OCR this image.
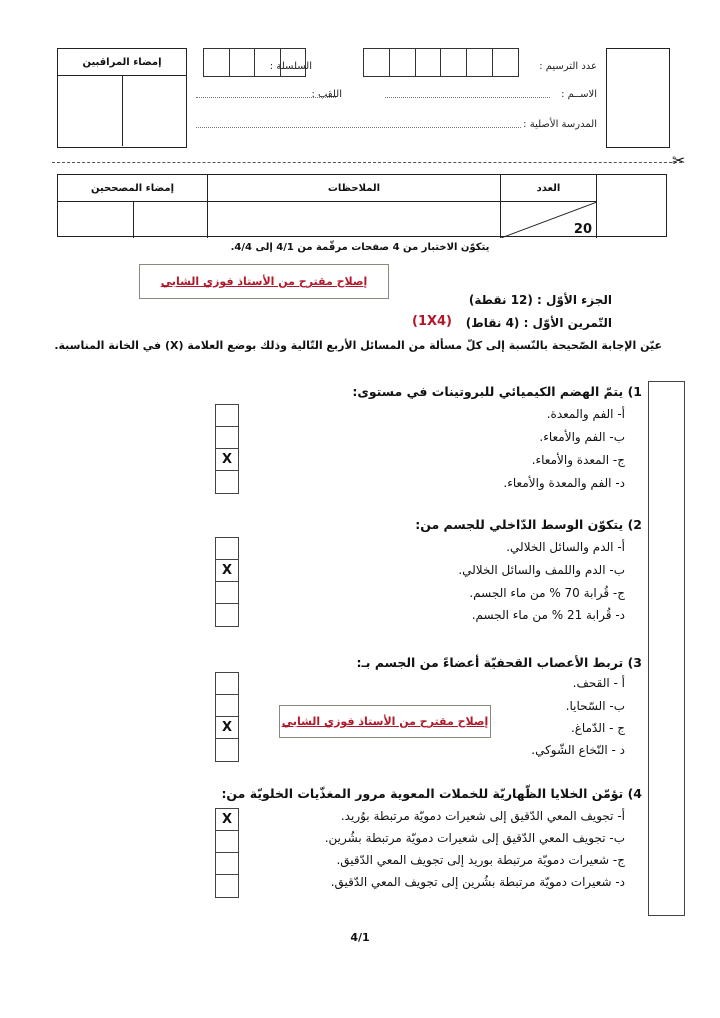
عدد الترسيم :
السلسلة :
الاســم :
اللقب :
المدرسة الأصلية :
إمضاء المراقبين
✂
إمضاء المصححين	الملاحظات	العدد
20
يتكوّن الاختبار من 4 صفحات مرقّمة من 4/1 إلى 4/4.
إصلاح مقترح من الأستاذ فوزي الشابي
الجزء الأوّل : (12 نقطة)
(1X4) التّمرين الأوّل : (4 نقاط)
عيّن الإجابة الصّحيحة بالنّسبة إلى كلّ مسألة من المسائل الأربع التّالية وذلك بوضع العلامة (X) في الخانة المناسبة.
1) يتمّ الهضم الكيميائي للبروتينات في مستوى:
أ- الفم والمعدة.
ب- الفم والأمعاء.
ج- المعدة والأمعاء.
د- الفم والمعدة والأمعاء.
X
2) يتكوّن الوسط الدّاخلي للجسم من:
أ- الدم والسائل الخلالي.
ب- الدم واللمف والسائل الخلالي.
ج- قُرابة 70 % من ماء الجسم.
د- قُرابة 21 % من ماء الجسم.
X
3) تربط الأعصاب القحفيّة أعضاءً من الجسم بـ:
أ - القحف.
ب- السّحايا.
ج - الدّماغ.
د - النّخاع الشّوكي.
X	إصلاح مقترح من الأستاذ فوزي الشابي
4) تؤمّن الخلايا الظّهاريّة للخملات المعوية مرور المغذّيات الخلويّة من:
أ- تجويف المعي الدّقيق إلى شعيرات دمويّة مرتبطة بوُريد.
ب- تجويف المعي الدّقيق إلى شعيرات دمويّة مرتبطة بشُرين.
ج- شعيرات دمويّة مرتبطة بوريد إلى تجويف المعي الدّقيق.
د- شعيرات دمويّة مرتبطة بشُرين إلى تجويف المعي الدّقيق.
X
4/1
